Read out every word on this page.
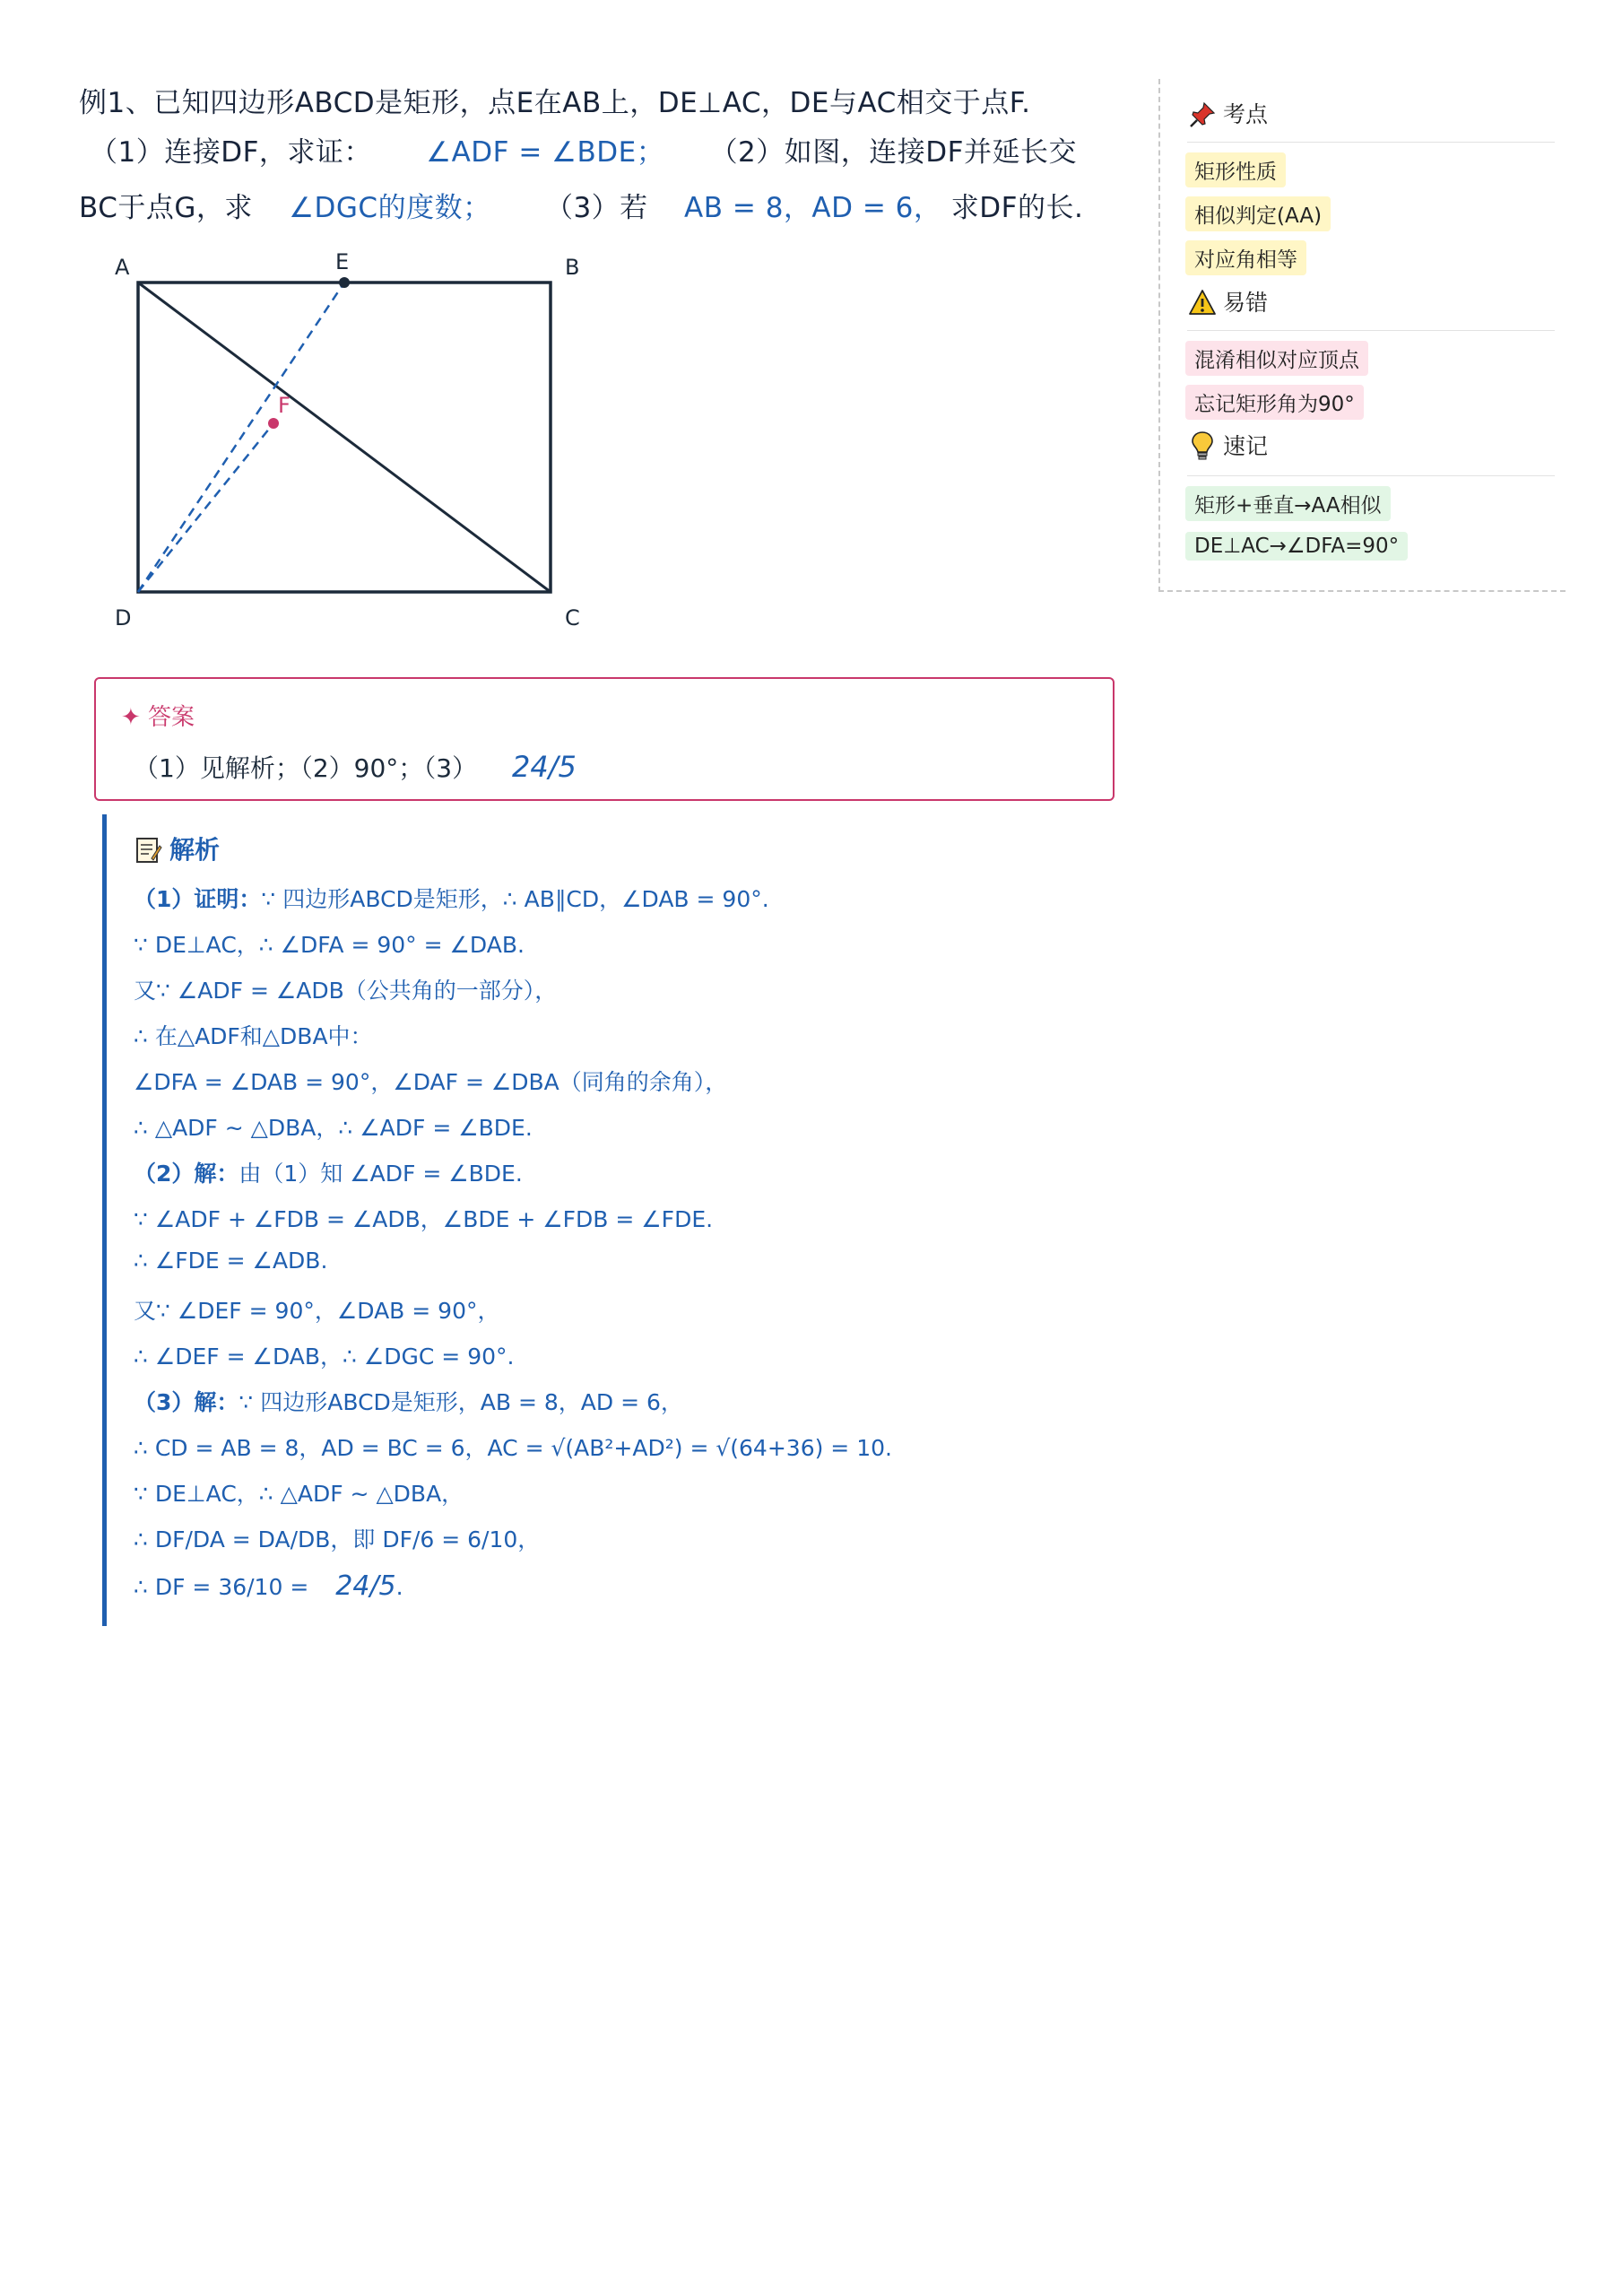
例1、已知四边形ABCD是矩形，点E在AB上，DE⊥AC，DE与AC相交于点F.
（1）连接DF，求证： ∠ADF = ∠BDE； （2）如图，连接DF并延长交
BC于点G，求 ∠DGC的度数； （3）若 AB = 8，AD = 6， 求DF的长.
A	B
C
D
E
F
✦ 答案
（1）见解析；（2）90°；（3） 24/5
解析
（1）证明：∵ 四边形ABCD是矩形，∴ AB∥CD，∠DAB = 90°.
∵ DE⊥AC，∴ ∠DFA = 90° = ∠DAB.
又∵ ∠ADF = ∠ADB（公共角的一部分），
∴ 在△ADF和△DBA中：
∠DFA = ∠DAB = 90°，∠DAF = ∠DBA（同角的余角），
∴ △ADF ∼ △DBA，∴ ∠ADF = ∠BDE.
（2）解：由（1）知 ∠ADF = ∠BDE.
∵ ∠ADF + ∠FDB = ∠ADB，∠BDE + ∠FDB = ∠FDE.
∴ ∠FDE = ∠ADB.
又∵ ∠DEF = 90°，∠DAB = 90°，
∴ ∠DEF = ∠DAB，∴ ∠DGC = 90°.
（3）解：∵ 四边形ABCD是矩形，AB = 8，AD = 6，
∴ CD = AB = 8，AD = BC = 6，AC = √(AB²+AD²) = √(64+36) = 10.
∵ DE⊥AC，∴ △ADF ∼ △DBA，
∴ DF/DA = DA/DB，即 DF/6 = 6/10，
∴ DF = 36/10 = 24/5.
考点
矩形性质
相似判定(AA)
对应角相等
易错
混淆相似对应顶点
忘记矩形角为90°
速记
矩形+垂直→AA相似
DE⊥AC→∠DFA=90°
